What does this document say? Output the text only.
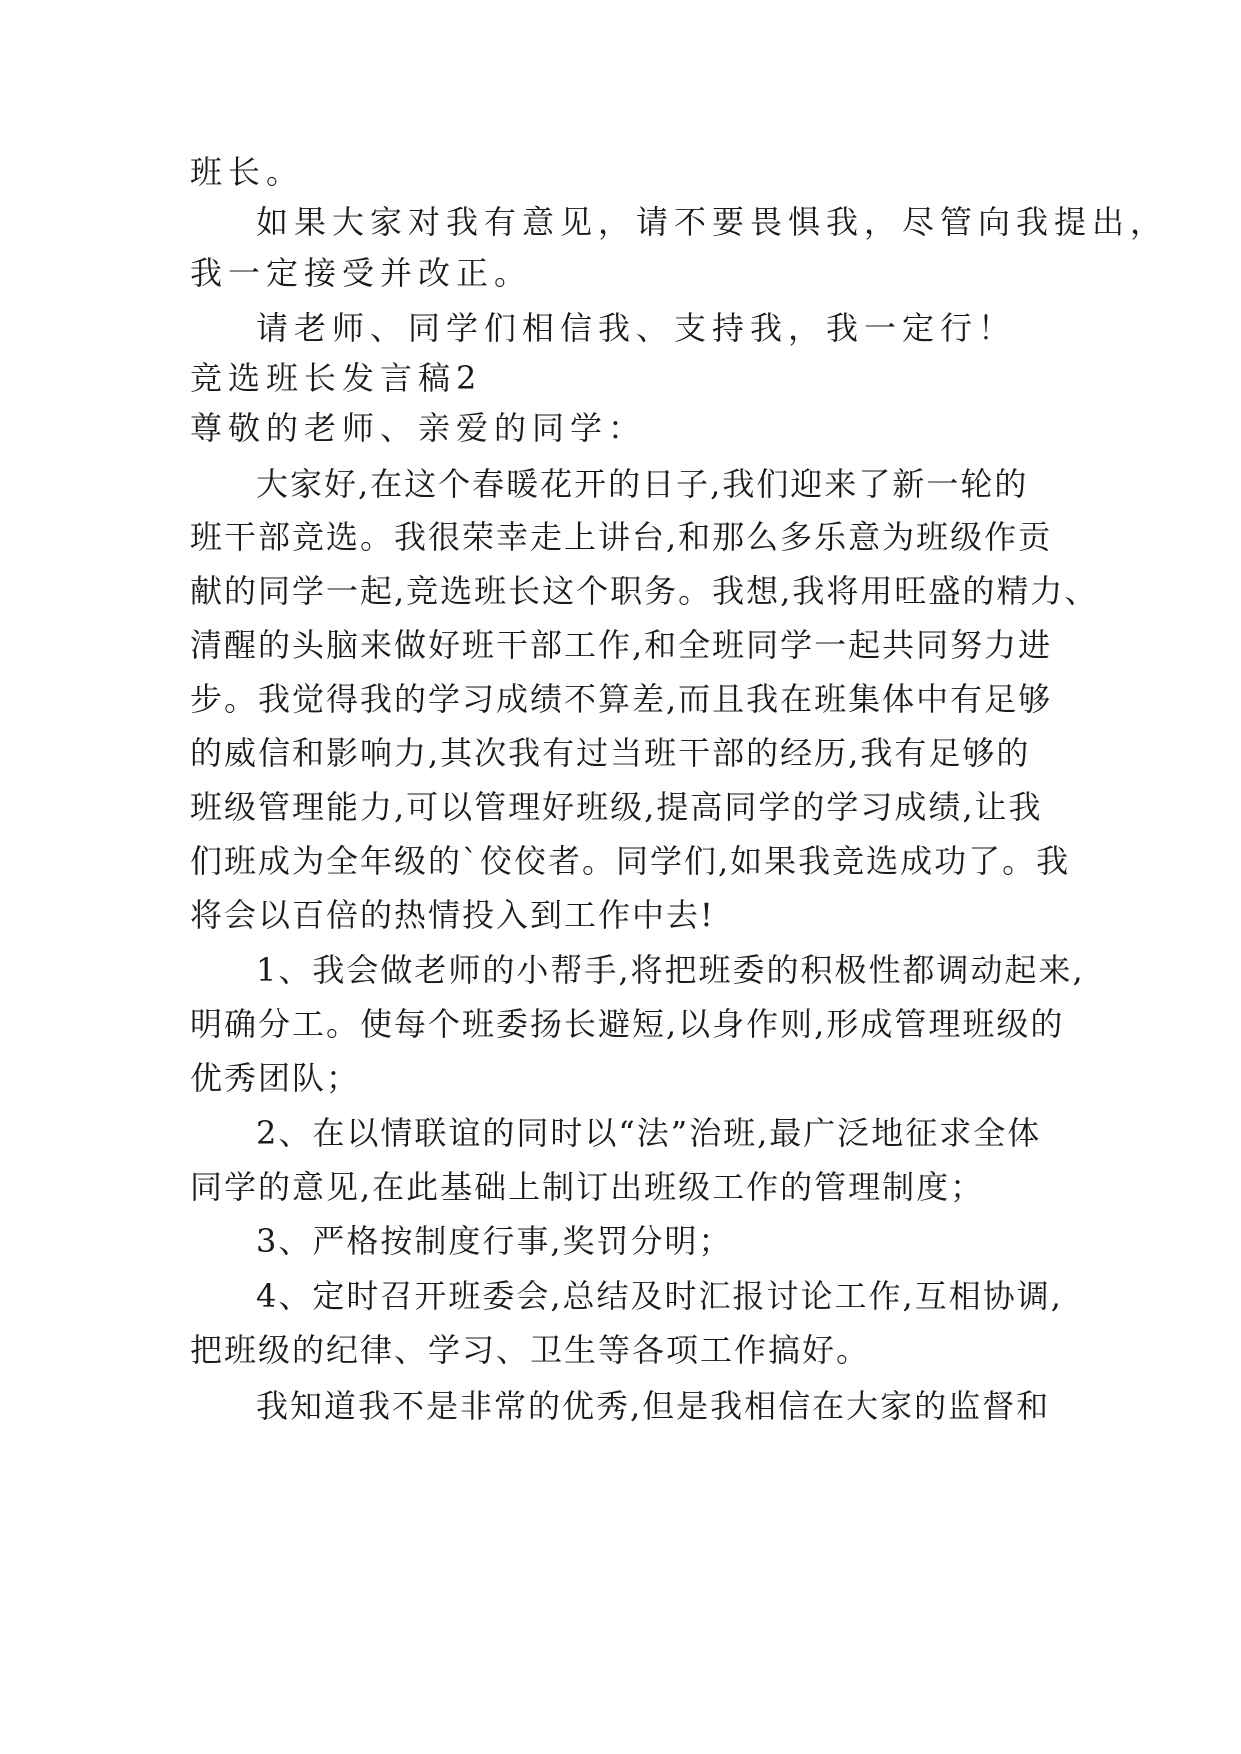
班长。
如果大家对我有意见，请不要畏惧我，尽管向我提出，
我一定接受并改正。
请老师、同学们相信我、支持我，我一定行！
竞选班长发言稿2
尊敬的老师、亲爱的同学：
大家好,在这个春暖花开的日子,我们迎来了新一轮的
班干部竞选。我很荣幸走上讲台,和那么多乐意为班级作贡
献的同学一起,竞选班长这个职务。我想,我将用旺盛的精力、
清醒的头脑来做好班干部工作,和全班同学一起共同努力进
步。我觉得我的学习成绩不算差,而且我在班集体中有足够
的威信和影响力,其次我有过当班干部的经历,我有足够的
班级管理能力,可以管理好班级,提高同学的学习成绩,让我
们班成为全年级的`佼佼者。同学们,如果我竞选成功了。我
将会以百倍的热情投入到工作中去!
1、我会做老师的小帮手,将把班委的积极性都调动起来,
明确分工。使每个班委扬长避短,以身作则,形成管理班级的
优秀团队；
2、在以情联谊的同时以“法”治班,最广泛地征求全体
同学的意见,在此基础上制订出班级工作的管理制度；
3、严格按制度行事,奖罚分明；
4、定时召开班委会,总结及时汇报讨论工作,互相协调,
把班级的纪律、学习、卫生等各项工作搞好。
我知道我不是非常的优秀,但是我相信在大家的监督和
